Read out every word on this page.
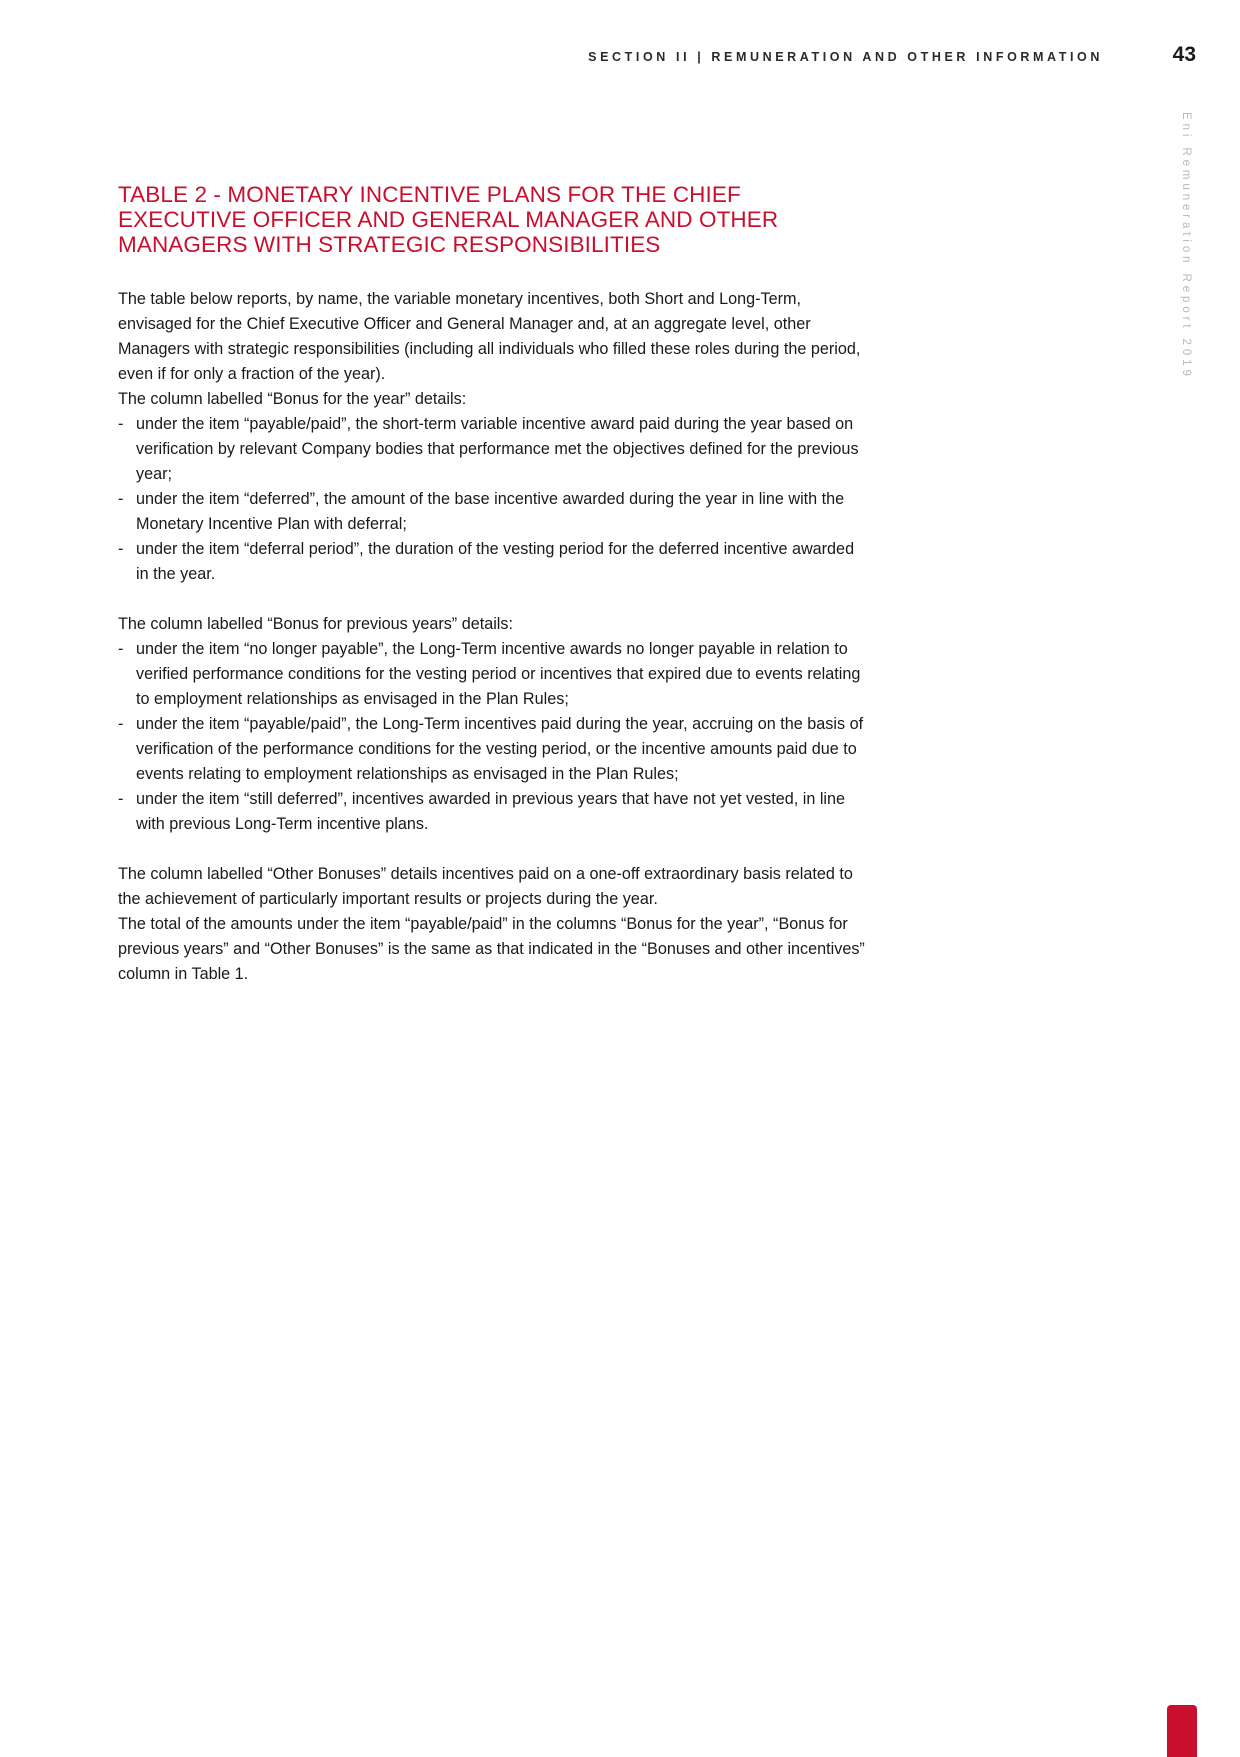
SECTION II | REMUNERATION AND OTHER INFORMATION	43
Eni Remuneration Report 2019
TABLE 2 - MONETARY INCENTIVE PLANS FOR THE CHIEF EXECUTIVE OFFICER AND GENERAL MANAGER AND OTHER MANAGERS WITH STRATEGIC RESPONSIBILITIES

The table below reports, by name, the variable monetary incentives, both Short and Long-Term, envisaged for the Chief Executive Officer and General Manager and, at an aggregate level, other Managers with strategic responsibilities (including all individuals who filled these roles during the period, even if for only a fraction of the year).

The column labelled “Bonus for the year” details:

- under the item “payable/paid”, the short-term variable incentive award paid during the year based on verification by relevant Company bodies that performance met the objectives defined for the previous year;
- under the item “deferred”, the amount of the base incentive awarded during the year in line with the Monetary Incentive Plan with deferral;
- under the item “deferral period”, the duration of the vesting period for the deferred incentive awarded in the year.

The column labelled “Bonus for previous years” details:

- under the item “no longer payable”, the Long-Term incentive awards no longer payable in relation to verified performance conditions for the vesting period or incentives that expired due to events relating to employment relationships as envisaged in the Plan Rules;
- under the item “payable/paid”, the Long-Term incentives paid during the year, accruing on the basis of verification of the performance conditions for the vesting period, or the incentive amounts paid due to events relating to employment relationships as envisaged in the Plan Rules;
- under the item “still deferred”, incentives awarded in previous years that have not yet vested, in line with previous Long-Term incentive plans.

The column labelled “Other Bonuses” details incentives paid on a one-off extraordinary basis related to the achievement of particularly important results or projects during the year.

The total of the amounts under the item “payable/paid” in the columns “Bonus for the year”, “Bonus for previous years” and “Other Bonuses” is the same as that indicated in the “Bonuses and other incentives” column in Table 1.
